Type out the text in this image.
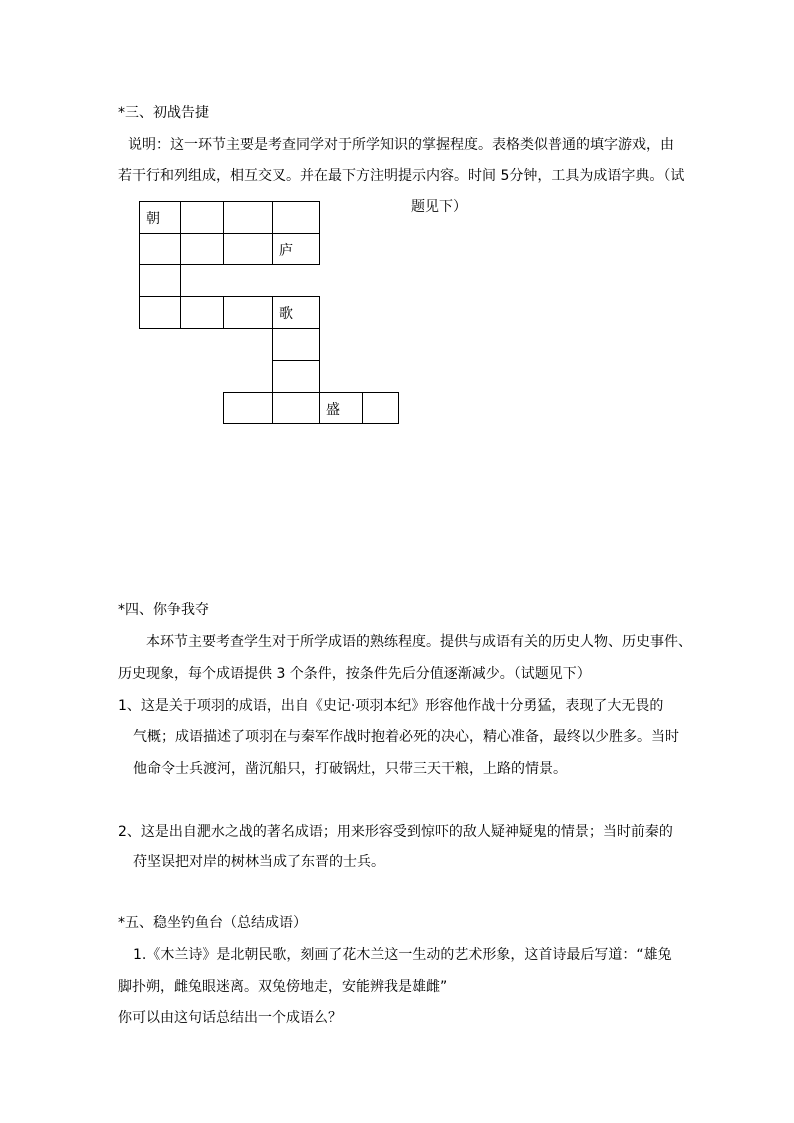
*三、初战告捷
说明：这一环节主要是考查同学对于所学知识的掌握程度。表格类似普通的填字游戏，由
若干行和列组成，相互交叉。并在最下方注明提示内容。时间 5分钟，工具为成语字典。（试
题见下）
朝
庐
歌
盛
*四、你争我夺
本环节主要考查学生对于所学成语的熟练程度。提供与成语有关的历史人物、历史事件、
历史现象，每个成语提供 3 个条件，按条件先后分值逐渐减少。（试题见下）
1、这是关于项羽的成语，出自《史记·项羽本纪》形容他作战十分勇猛，表现了大无畏的
气概；成语描述了项羽在与秦军作战时抱着必死的决心，精心准备，最终以少胜多。当时
他命令士兵渡河，凿沉船只，打破锅灶，只带三天干粮，上路的情景。
2、这是出自淝水之战的著名成语；用来形容受到惊吓的敌人疑神疑鬼的情景；当时前秦的
苻坚误把对岸的树林当成了东晋的士兵。
*五、稳坐钓鱼台（总结成语）
1.《木兰诗》是北朝民歌，刻画了花木兰这一生动的艺术形象，这首诗最后写道：“雄兔
脚扑朔，雌兔眼迷离。双兔傍地走，安能辨我是雄雌”
你可以由这句话总结出一个成语么？
